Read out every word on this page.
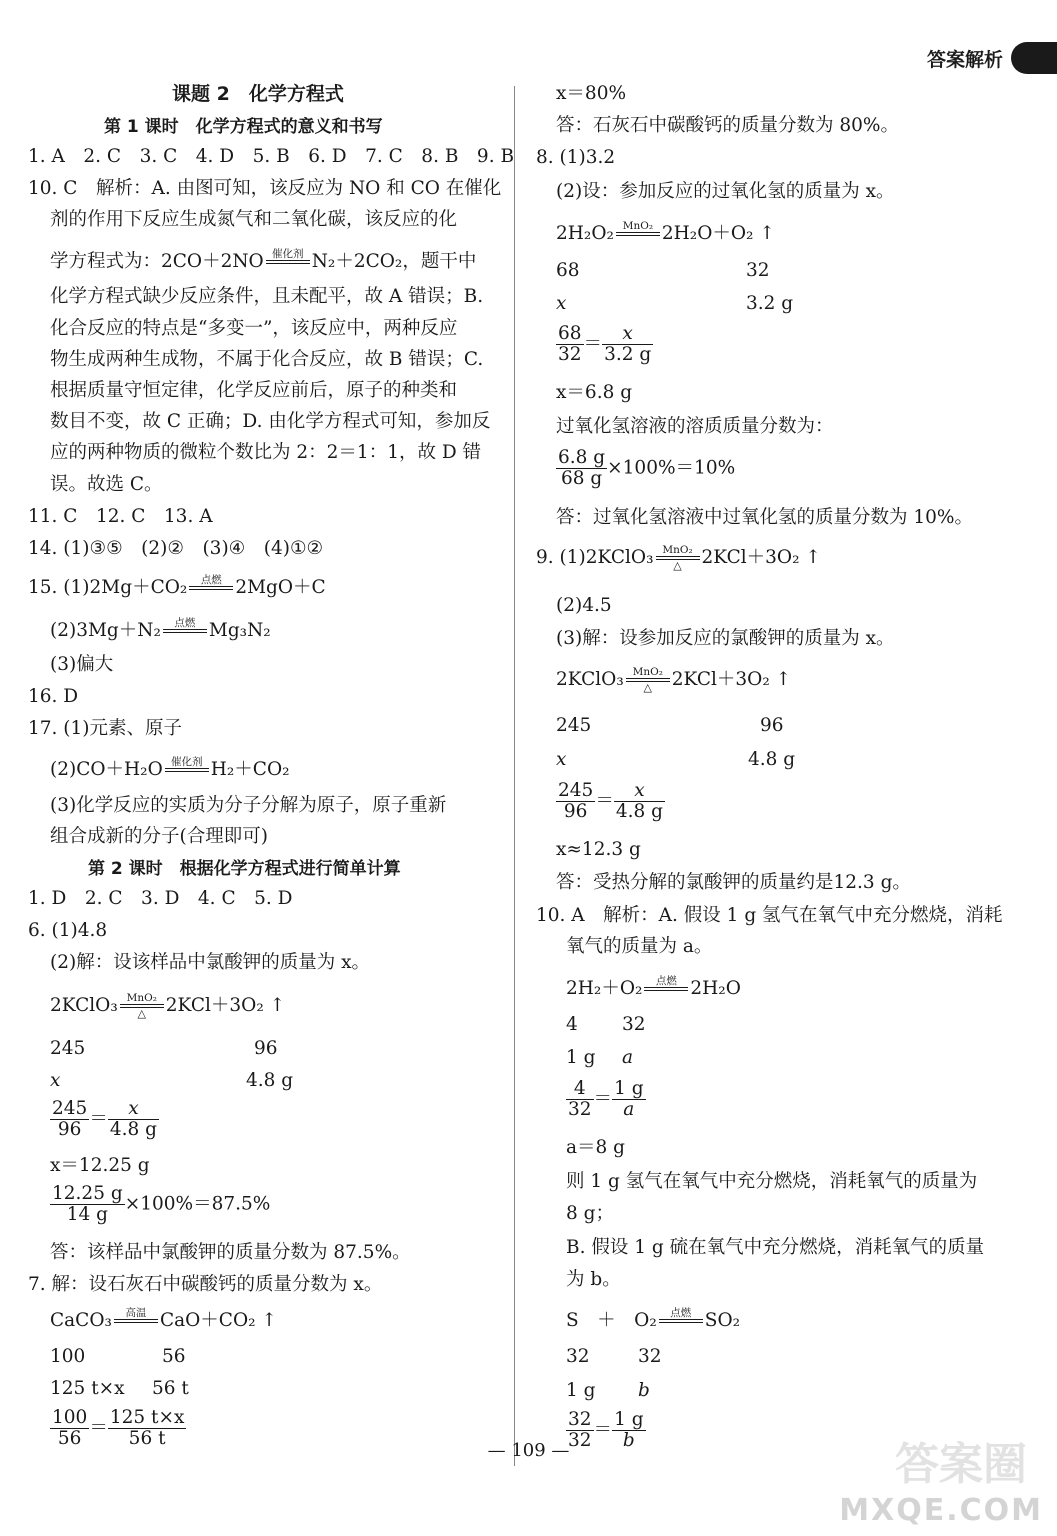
答案解析
课题 2　化学方程式
第 1 课时　化学方程式的意义和书写
1. A　2. C　3. C　4. D　5. B　6. D　7. C　8. B　9. B
10. C　解析：A. 由图可知，该反应为 NO 和 CO 在催化
剂的作用下反应生成氮气和二氧化碳，该反应的化
学方程式为：2CO＋2NO 催化剂
N₂＋2CO₂，题干中
化学方程式缺少反应条件，且未配平，故 A 错误；B.
化合反应的特点是“多变一”，该反应中，两种反应
物生成两种生成物，不属于化合反应，故 B 错误；C.
根据质量守恒定律，化学反应前后，原子的种类和
数目不变，故 C 正确；D. 由化学方程式可知，参加反
应的两种物质的微粒个数比为 2：2＝1：1，故 D 错
误。故选 C。
11. C　12. C　13. A
14. (1)③⑤　(2)②　(3)④　(4)①②
15. (1)2Mg＋CO₂ 点燃
2MgO＋C
(2)3Mg＋N₂ 点燃
Mg₃N₂
(3)偏大
16. D
17. (1)元素、原子
(2)CO＋H₂O 催化剂
H₂＋CO₂
(3)化学反应的实质为分子分解为原子，原子重新
组合成新的分子(合理即可)
第 2 课时　根据化学方程式进行简单计算
1. D　2. C　3. D　4. C　5. D
6. (1)4.8
(2)解：设该样品中氯酸钾的质量为 x。
2KClO₃ MnO₂
△ 2KCl＋3O₂ ↑
245	96
x	4.8 g
$\frac{245}{96} = \frac{x}{4.8 g}$
x＝12.25 g
$\frac{12.25 g}{14 g} \times 100\%=87.5\%$
答：该样品中氯酸钾的质量分数为 87.5%。
7. 解：设石灰石中碳酸钙的质量分数为 x。
CaCO₃ 高温
CaO＋CO₂ ↑
100	56
125 t×x 56 t
$\frac{100}{56} = \frac{125 t\times x}{56 t}$
x＝80%
答：石灰石中碳酸钙的质量分数为 80%。
8. (1)3.2
(2)设：参加反应的过氧化氢的质量为 x。
2H₂O₂ MnO₂
2H₂O＋O₂ ↑
68	32
x	3.2 g
$\frac{68}{32} = \frac{x}{3.2 g}$
x＝6.8 g
过氧化氢溶液的溶质质量分数为：
$\frac{6.8 g}{68 g} \times 100\%=10\%$
答：过氧化氢溶液中过氧化氢的质量分数为 10%。
9. (1)2KClO₃ MnO₂
△ 2KCl＋3O₂ ↑
(2)4.5
(3)解：设参加反应的氯酸钾的质量为 x。
2KClO₃ MnO₂
△ 2KCl＋3O₂ ↑
245	96
x	4.8 g
$\frac{245}{96} = \frac{x}{4.8 g}$
x≈12.3 g
答：受热分解的氯酸钾的质量约是12.3 g。
10. A　解析：A. 假设 1 g 氢气在氧气中充分燃烧，消耗
氧气的质量为 a。
2H₂＋O₂ 点燃
2H₂O
4 32
1 g a
$\frac{4}{32} = \frac{1 g}{a}$
a＝8 g
则 1 g 氢气在氧气中充分燃烧，消耗氧气的质量为
8 g；
B. 假设 1 g 硫在氧气中充分燃烧，消耗氧气的质量
为 b。
S　＋　O₂ 点燃
SO₂
32	32
1 g b
$\frac{32}{32} = \frac{1 g}{b}$
— 109 —	答案圈
MXQE.COM
